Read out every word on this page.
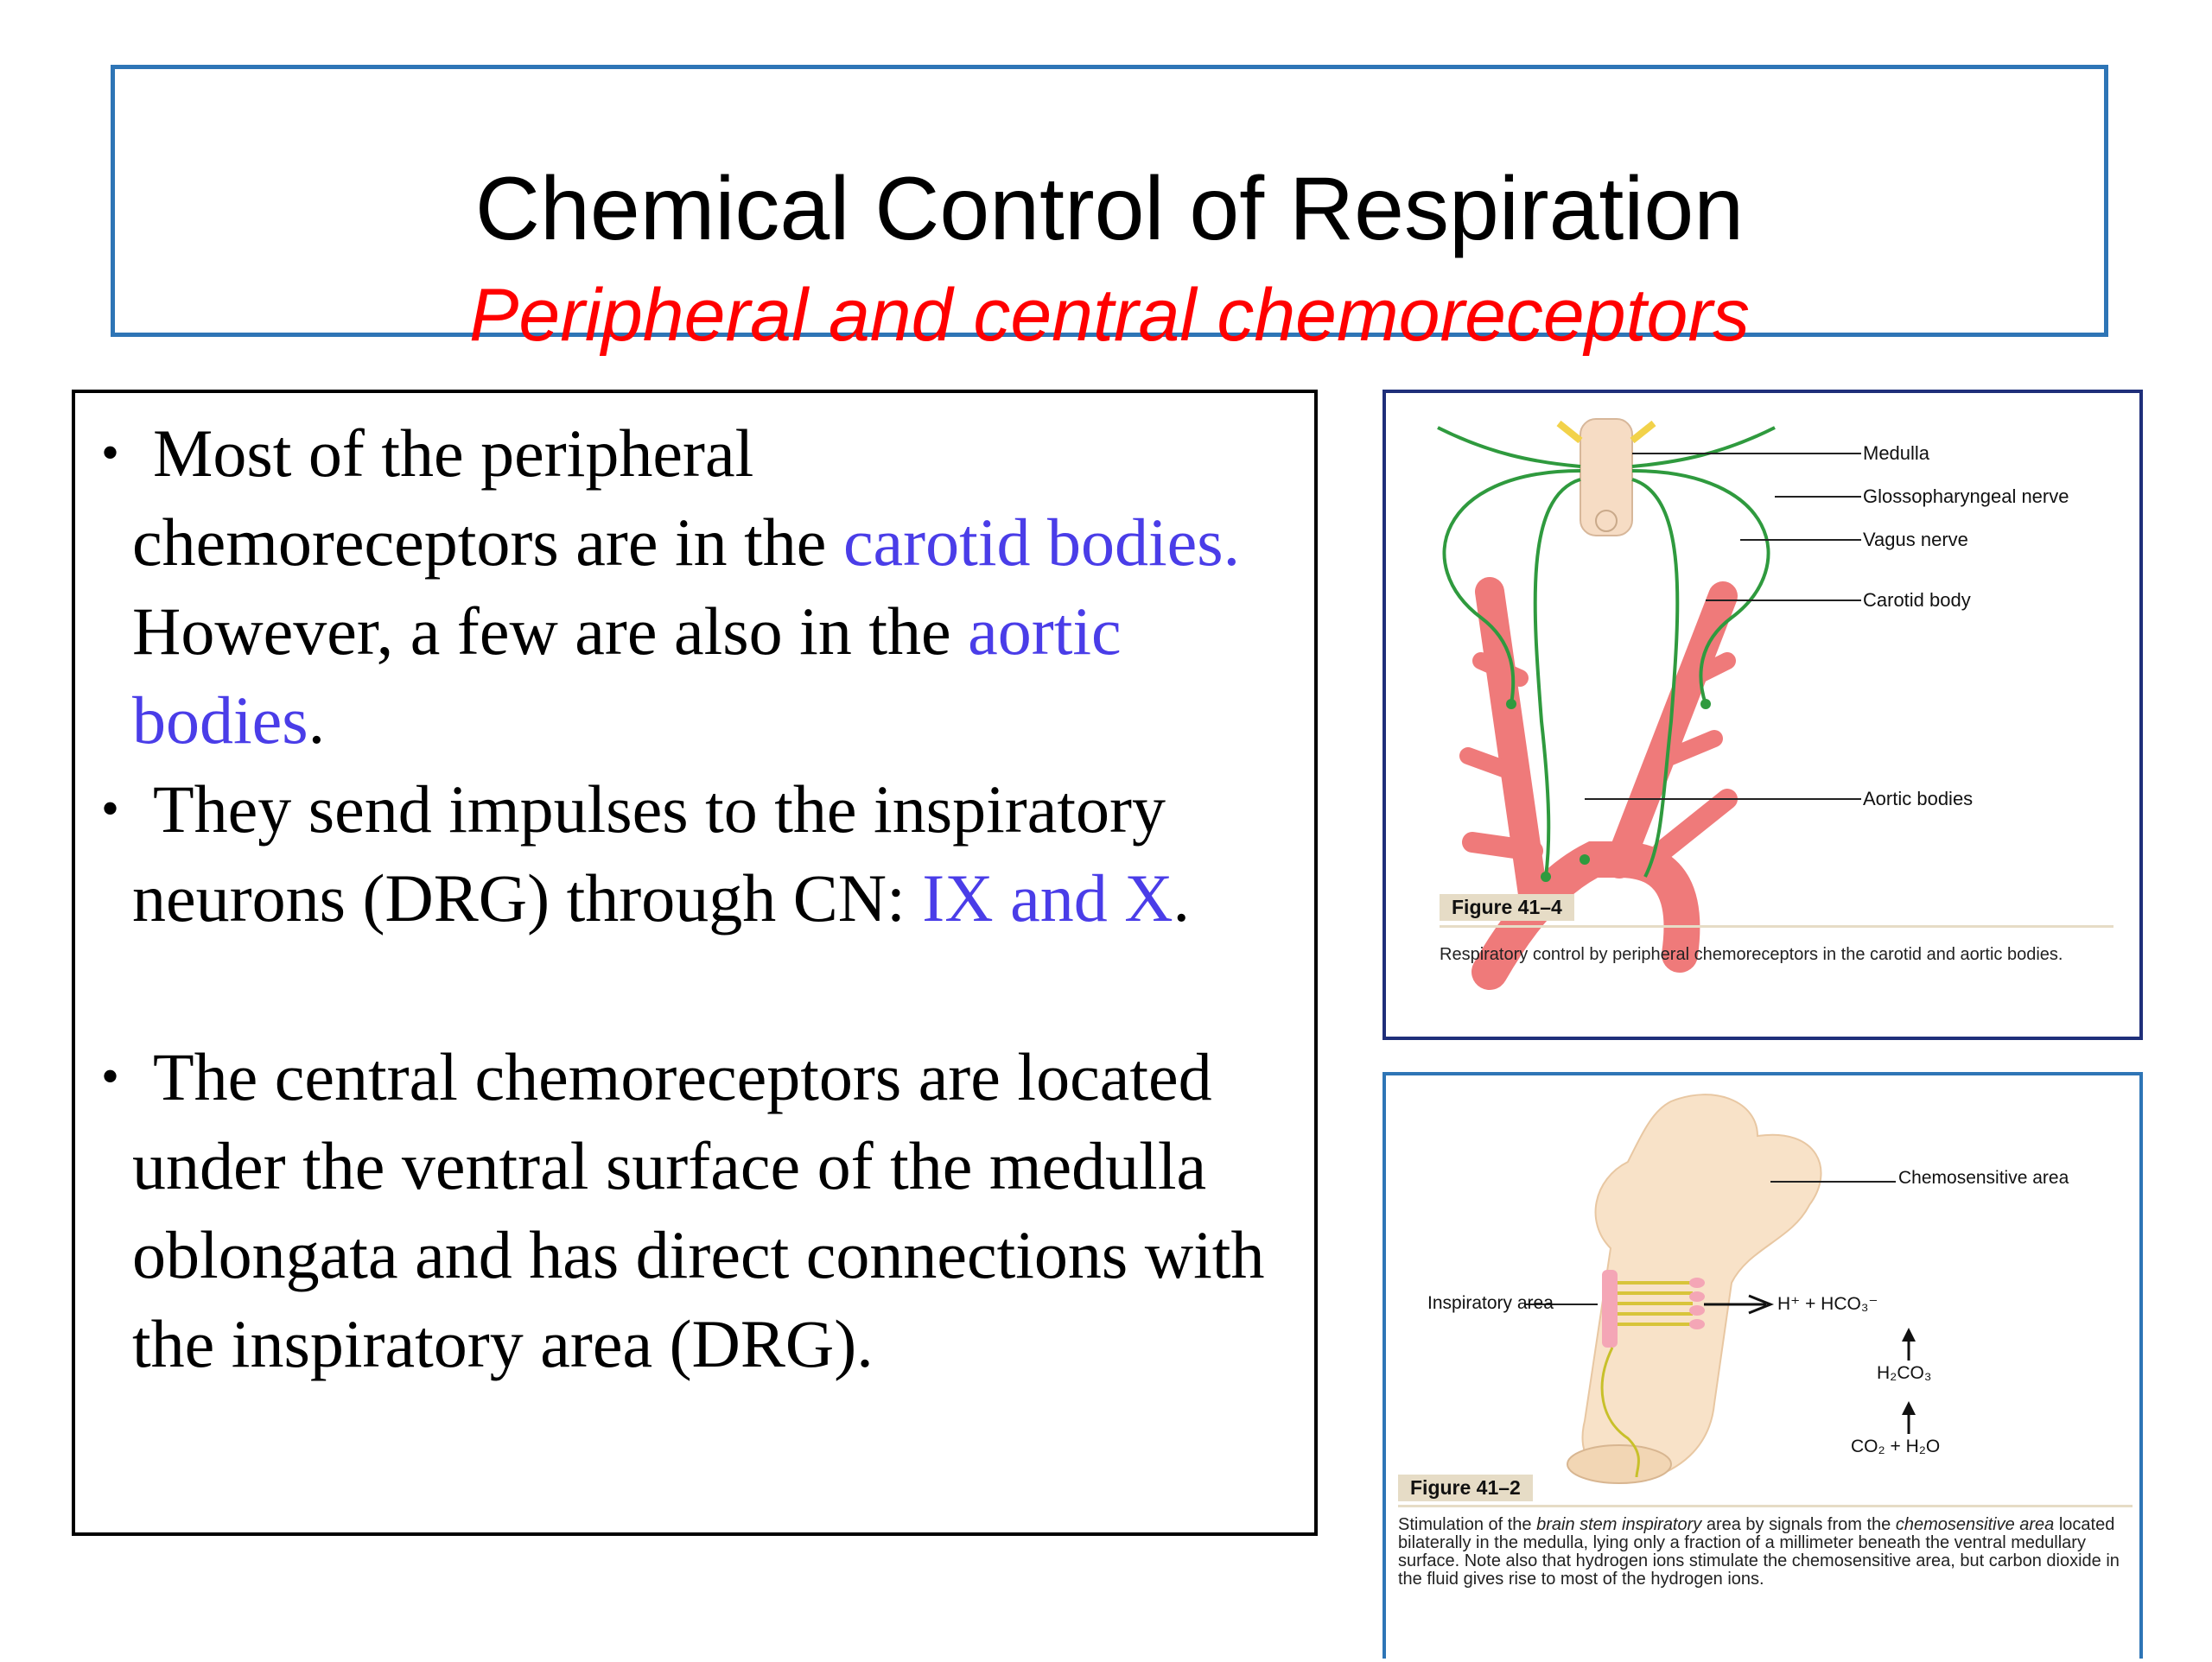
Chemical Control of Respiration
Peripheral and central chemoreceptors
• Most of the peripheral
chemoreceptors are in the carotid bodies. However, a few are also in the aortic bodies.
• They send impulses to the inspiratory neurons (DRG) through CN: IX and X.
• The central chemoreceptors are located under the ventral surface of the medulla oblongata and has direct connections with the inspiratory area (DRG).
Medulla
Glossopharyngeal nerve
Vagus nerve
Carotid body
Aortic bodies
Figure 41–4
Respiratory control by peripheral chemoreceptors in the carotid and aortic bodies.
Chemosensitive area
Inspiratory area	H⁺ + HCO₃⁻
H₂CO₃
CO₂ + H₂O
Figure 41–2
Stimulation of the brain stem inspiratory area by signals from the chemosensitive area located bilaterally in the medulla, lying only a fraction of a millimeter beneath the ventral medullary surface. Note also that hydrogen ions stimulate the chemosensitive area, but carbon dioxide in the fluid gives rise to most of the hydrogen ions.
